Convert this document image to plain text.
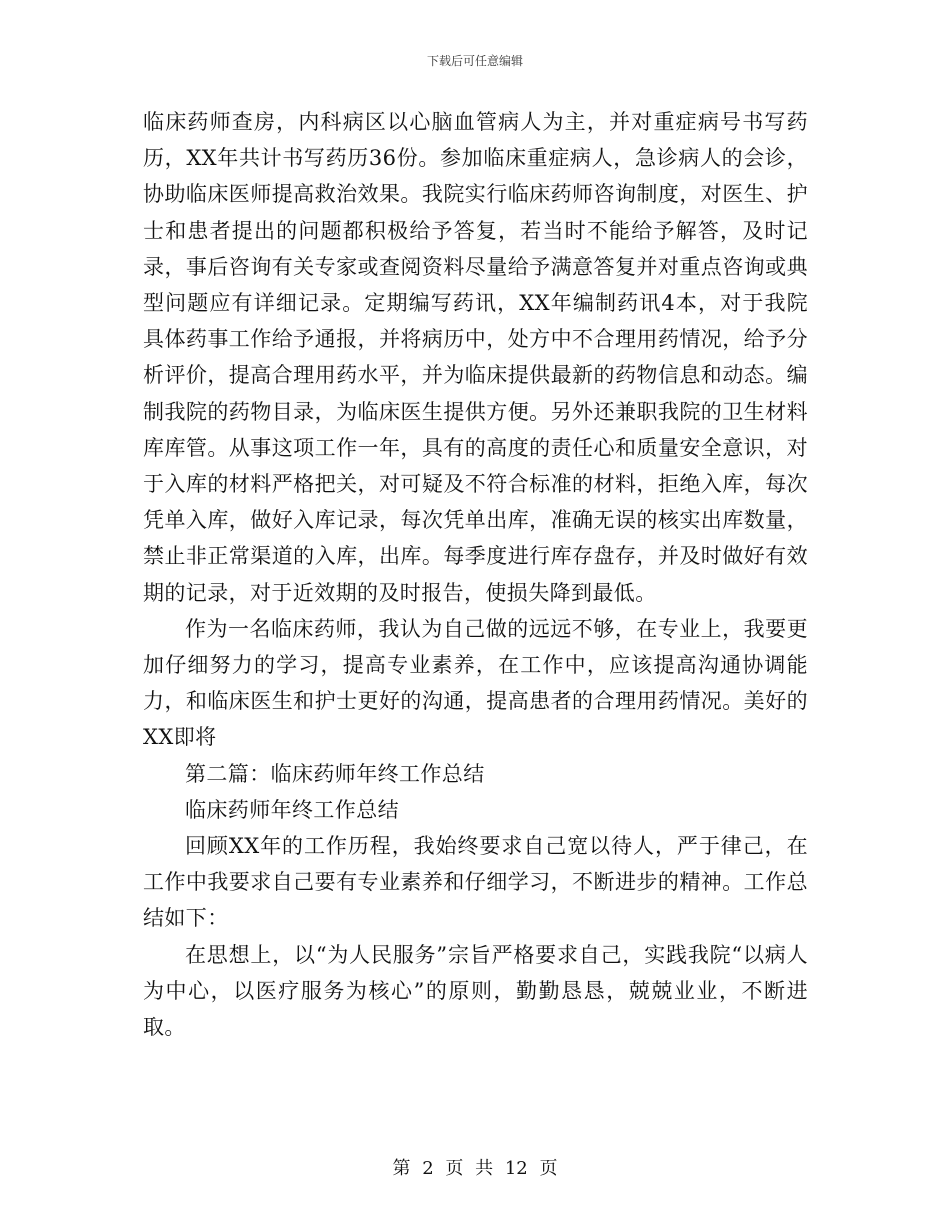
下载后可任意编辑

临床药师查房，内科病区以心脑血管病人为主，并对重症病号书写药历，XX年共计书写药历36份。参加临床重症病人，急诊病人的会诊，协助临床医师提高救治效果。我院实行临床药师咨询制度，对医生、护士和患者提出的问题都积极给予答复，若当时不能给予解答，及时记录，事后咨询有关专家或查阅资料尽量给予满意答复并对重点咨询或典型问题应有详细记录。定期编写药讯，XX年编制药讯4本，对于我院具体药事工作给予通报，并将病历中，处方中不合理用药情况，给予分析评价，提高合理用药水平，并为临床提供最新的药物信息和动态。编制我院的药物目录，为临床医生提供方便。另外还兼职我院的卫生材料库库管。从事这项工作一年，具有的高度的责任心和质量安全意识，对于入库的材料严格把关，对可疑及不符合标准的材料，拒绝入库，每次凭单入库，做好入库记录，每次凭单出库，准确无误的核实出库数量，禁止非正常渠道的入库，出库。每季度进行库存盘存，并及时做好有效期的记录，对于近效期的及时报告，使损失降到最低。

作为一名临床药师，我认为自己做的远远不够，在专业上，我要更加仔细努力的学习，提高专业素养，在工作中，应该提高沟通协调能力，和临床医生和护士更好的沟通，提高患者的合理用药情况。美好的XX即将

第二篇：临床药师年终工作总结

临床药师年终工作总结

回顾XX年的工作历程，我始终要求自己宽以待人，严于律己，在工作中我要求自己要有专业素养和仔细学习，不断进步的精神。工作总结如下：

在思想上，以“为人民服务”宗旨严格要求自己，实践我院“以病人为中心，以医疗服务为核心”的原则，勤勤恳恳，兢兢业业，不断进取。

第 2 页 共 12 页
